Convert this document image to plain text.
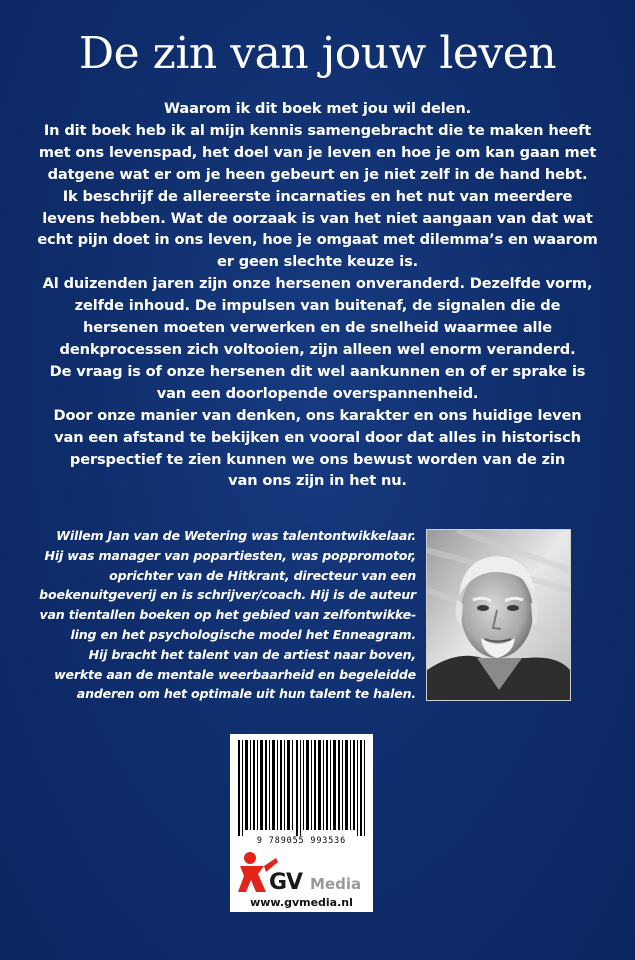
De zin van jouw leven
Waarom ik dit boek met jou wil delen.
In dit boek heb ik al mijn kennis samengebracht die te maken heeft
met ons levenspad, het doel van je leven en hoe je om kan gaan met
datgene wat er om je heen gebeurt en je niet zelf in de hand hebt.
Ik beschrijf de allereerste incarnaties en het nut van meerdere
levens hebben. Wat de oorzaak is van het niet aangaan van dat wat
echt pijn doet in ons leven, hoe je omgaat met dilemma’s en waarom
er geen slechte keuze is.
Al duizenden jaren zijn onze hersenen onveranderd. Dezelfde vorm,
zelfde inhoud. De impulsen van buitenaf, de signalen die de
hersenen moeten verwerken en de snelheid waarmee alle
denkprocessen zich voltooien, zijn alleen wel enorm veranderd.
De vraag is of onze hersenen dit wel aankunnen en of er sprake is
van een doorlopende overspannenheid.
Door onze manier van denken, ons karakter en ons huidige leven
van een afstand te bekijken en vooral door dat alles in historisch
perspectief te zien kunnen we ons bewust worden van de zin
van ons zijn in het nu.
Willem Jan van de Wetering was talentontwikkelaar.
Hij was manager van popartiesten, was poppromotor,
oprichter van de Hitkrant, directeur van een
boekenuitgeverij en is schrijver/coach. Hij is de auteur
van tientallen boeken op het gebied van zelfontwikke-
ling en het psychologische model het Enneagram.
Hij bracht het talent van de artiest naar boven,
werkte aan de mentale weerbaarheid en begeleidde
anderen om het optimale uit hun talent te halen.
9 789055 993536
GV Media
www.gvmedia.nl
